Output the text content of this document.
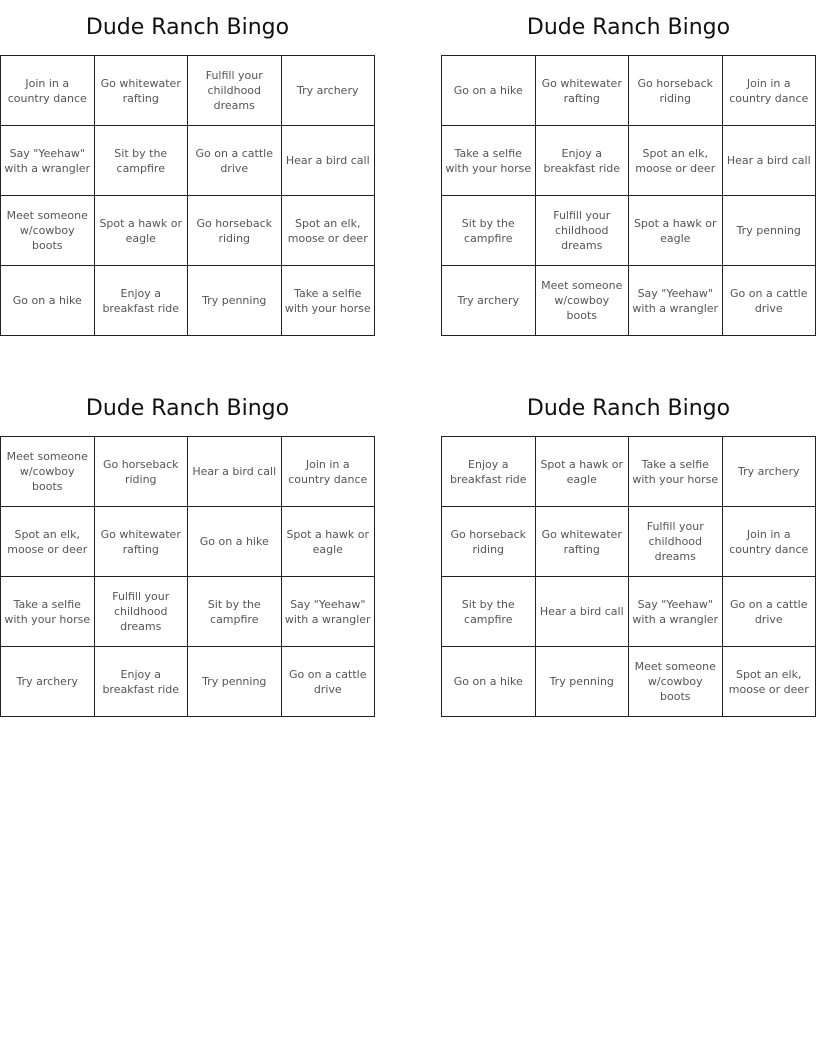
Dude Ranch Bingo
Join in a country dance
Go whitewater rafting
Fulfill your childhood dreams
Try archery
Say "Yeehaw" with a wrangler
Sit by the campfire
Go on a cattle drive
Hear a bird call
Meet someone w/cowboy boots
Spot a hawk or eagle
Go horseback riding
Spot an elk, moose or deer
Go on a hike
Enjoy a breakfast ride
Try penning
Take a selfie with your horse
Dude Ranch Bingo
Go on a hike
Go whitewater rafting
Go horseback riding
Join in a country dance
Take a selfie with your horse
Enjoy a breakfast ride
Spot an elk, moose or deer
Hear a bird call
Sit by the campfire
Fulfill your childhood dreams
Spot a hawk or eagle
Try penning
Try archery
Meet someone w/cowboy boots
Say "Yeehaw" with a wrangler
Go on a cattle drive
Dude Ranch Bingo
Meet someone w/cowboy boots
Go horseback riding
Hear a bird call
Join in a country dance
Spot an elk, moose or deer
Go whitewater rafting
Go on a hike
Spot a hawk or eagle
Take a selfie with your horse
Fulfill your childhood dreams
Sit by the campfire
Say "Yeehaw" with a wrangler
Try archery
Enjoy a breakfast ride
Try penning
Go on a cattle drive
Dude Ranch Bingo
Enjoy a breakfast ride
Spot a hawk or eagle
Take a selfie with your horse
Try archery
Go horseback riding
Go whitewater rafting
Fulfill your childhood dreams
Join in a country dance
Sit by the campfire
Hear a bird call
Say "Yeehaw" with a wrangler
Go on a cattle drive
Go on a hike	Try penning
Meet someone w/cowboy boots
Spot an elk, moose or deer
